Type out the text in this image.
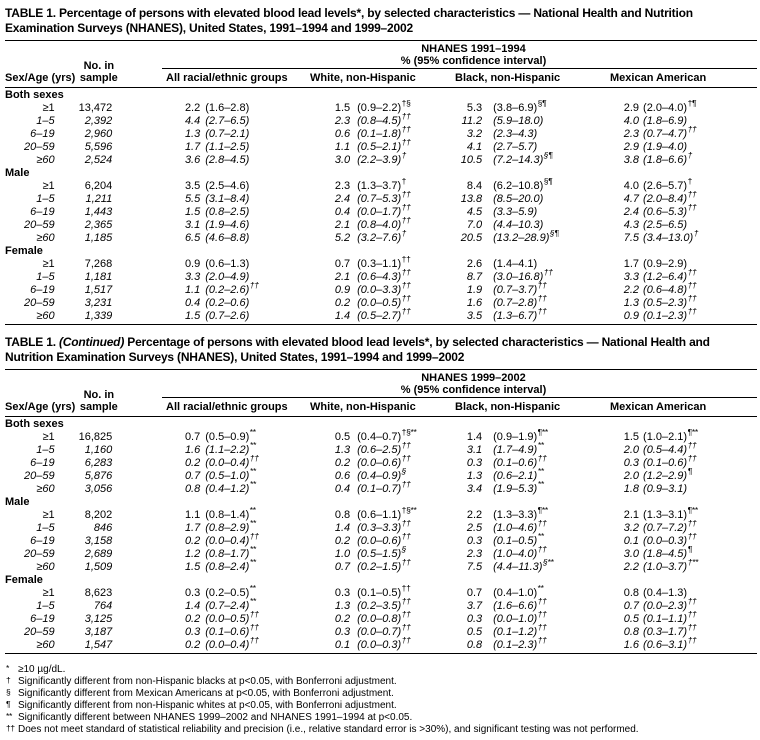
TABLE 1. Percentage of persons with elevated blood lead levels*, by selected characteristics — National Health and Nutrition Examination Surveys (NHANES), United States, 1991–1994 and 1999–2002
NHANES 1991–1994
% (95% confidence interval)
Sex/Age (yrs)
No. in
sample	All racial/ethnic groups	White, non-Hispanic	Black, non-Hispanic	Mexican American
Both sexes
≥1	13,472	2.2 (1.6–2.8)	1.5 (0.9–2.2)†§	5.3 (3.8–6.9)§¶	2.9 (2.0–4.0)†¶
1–5	2,392	4.4 (2.7–6.5)	2.3 (0.8–4.5)††	11.2 (5.9–18.0)	4.0 (1.8–6.9)
6–19	2,960	1.3 (0.7–2.1)	0.6 (0.1–1.8)††	3.2 (2.3–4.3)	2.3 (0.7–4.7)††
20–59	5,596	1.7 (1.1–2.5)	1.1 (0.5–2.1)††	4.1 (2.7–5.7)	2.9 (1.9–4.0)
≥60	2,524	3.6 (2.8–4.5)	3.0 (2.2–3.9)†	10.5 (7.2–14.3)§¶	3.8 (1.8–6.6)†
Male
≥1	6,204	3.5 (2.5–4.6)	2.3 (1.3–3.7)†	8.4 (6.2–10.8)§¶	4.0 (2.6–5.7)†
1–5	1,211	5.5 (3.1–8.4)	2.4 (0.7–5.3)††	13.8 (8.5–20.0)	4.7 (2.0–8.4)††
6–19	1,443	1.5 (0.8–2.5)	0.4 (0.0–1.7)††	4.5 (3.3–5.9)	2.4 (0.6–5.3)††
20–59	2,365	3.1 (1.9–4.6)	2.1 (0.8–4.0)††	7.0 (4.4–10.3)	4.3 (2.5–6.5)
≥60	1,185	6.5 (4.6–8.8)	5.2 (3.2–7.6)†	20.5 (13.2–28.9)§¶	7.5 (3.4–13.0)†
Female
≥1	7,268	0.9 (0.6–1.3)	0.7 (0.3–1.1)††	2.6 (1.4–4.1)	1.7 (0.9–2.9)
1–5	1,181	3.3 (2.0–4.9)	2.1 (0.6–4.3)††	8.7 (3.0–16.8)††	3.3 (1.2–6.4)††
6–19	1,517	1.1 (0.2–2.6)††	0.9 (0.0–3.3)††	1.9 (0.7–3.7)††	2.2 (0.6–4.8)††
20–59	3,231	0.4 (0.2–0.6)	0.2 (0.0–0.5)††	1.6 (0.7–2.8)††	1.3 (0.5–2.3)††
≥60	1,339	1.5 (0.7–2.6)	1.4 (0.5–2.7)††	3.5 (1.3–6.7)††	0.9 (0.1–2.3)††
TABLE 1. (Continued) Percentage of persons with elevated blood lead levels*, by selected characteristics — National Health and Nutrition Examination Surveys (NHANES), United States, 1991–1994 and 1999–2002
NHANES 1999–2002
% (95% confidence interval)
Sex/Age (yrs)
No. in
sample	All racial/ethnic groups	White, non-Hispanic	Black, non-Hispanic	Mexican American
Both sexes
≥1	16,825	0.7 (0.5–0.9)**	0.5 (0.4–0.7)†§**	1.4 (0.9–1.9)¶**	1.5 (1.0–2.1)¶**
1–5	1,160	1.6 (1.1–2.2)**	1.3 (0.6–2.5)††	3.1 (1.7–4.9)**	2.0 (0.5–4.4)††
6–19	6,283	0.2 (0.0–0.4)††	0.2 (0.0–0.6)††	0.3 (0.1–0.6)††	0.3 (0.1–0.6)††
20–59	5,876	0.7 (0.5–1.0)**	0.6 (0.4–0.9)§	1.3 (0.6–2.1)**	2.0 (1.2–2.9)¶
≥60	3,056	0.8 (0.4–1.2)**	0.4 (0.1–0.7)††	3.4 (1.9–5.3)**	1.8 (0.9–3.1)
Male
≥1	8,202	1.1 (0.8–1.4)**	0.8 (0.6–1.1)†§**	2.2 (1.3–3.3)¶**	2.1 (1.3–3.1)¶**
1–5	846	1.7 (0.8–2.9)**	1.4 (0.3–3.3)††	2.5 (1.0–4.6)††	3.2 (0.7–7.2)††
6–19	3,158	0.2 (0.0–0.4)††	0.2 (0.0–0.6)††	0.3 (0.1–0.5)**	0.1 (0.0–0.3)††
20–59	2,689	1.2 (0.8–1.7)**	1.0 (0.5–1.5)§	2.3 (1.0–4.0)††	3.0 (1.8–4.5)¶
≥60	1,509	1.5 (0.8–2.4)**	0.7 (0.2–1.5)††	7.5 (4.4–11.3)§**	2.2 (1.0–3.7)†**
Female
≥1	8,623	0.3 (0.2–0.5)**	0.3 (0.1–0.5)††	0.7 (0.4–1.0)**	0.8 (0.4–1.3)
1–5	764	1.4 (0.7–2.4)**	1.3 (0.2–3.5)††	3.7 (1.6–6.6)††	0.7 (0.0–2.3)††
6–19	3,125	0.2 (0.0–0.5)††	0.2 (0.0–0.8)††	0.3 (0.0–1.0)††	0.5 (0.1–1.1)††
20–59	3,187	0.3 (0.1–0.6)††	0.3 (0.0–0.7)††	0.5 (0.1–1.2)††	0.8 (0.3–1.7)††
≥60	1,547	0.2 (0.0–0.4)††	0.1 (0.0–0.3)††	0.8 (0.1–2.3)††	1.6 (0.6–3.1)††
* ≥10 µg/dL.
† Significantly different from non-Hispanic blacks at p<0.05, with Bonferroni adjustment.
§ Significantly different from Mexican Americans at p<0.05, with Bonferroni adjustment.
¶ Significantly different from non-Hispanic whites at p<0.05, with Bonferroni adjustment.
** Significantly different between NHANES 1999–2002 and NHANES 1991–1994 at p<0.05.
†† Does not meet standard of statistical reliability and precision (i.e., relative standard error is >30%), and significant testing was not performed.
